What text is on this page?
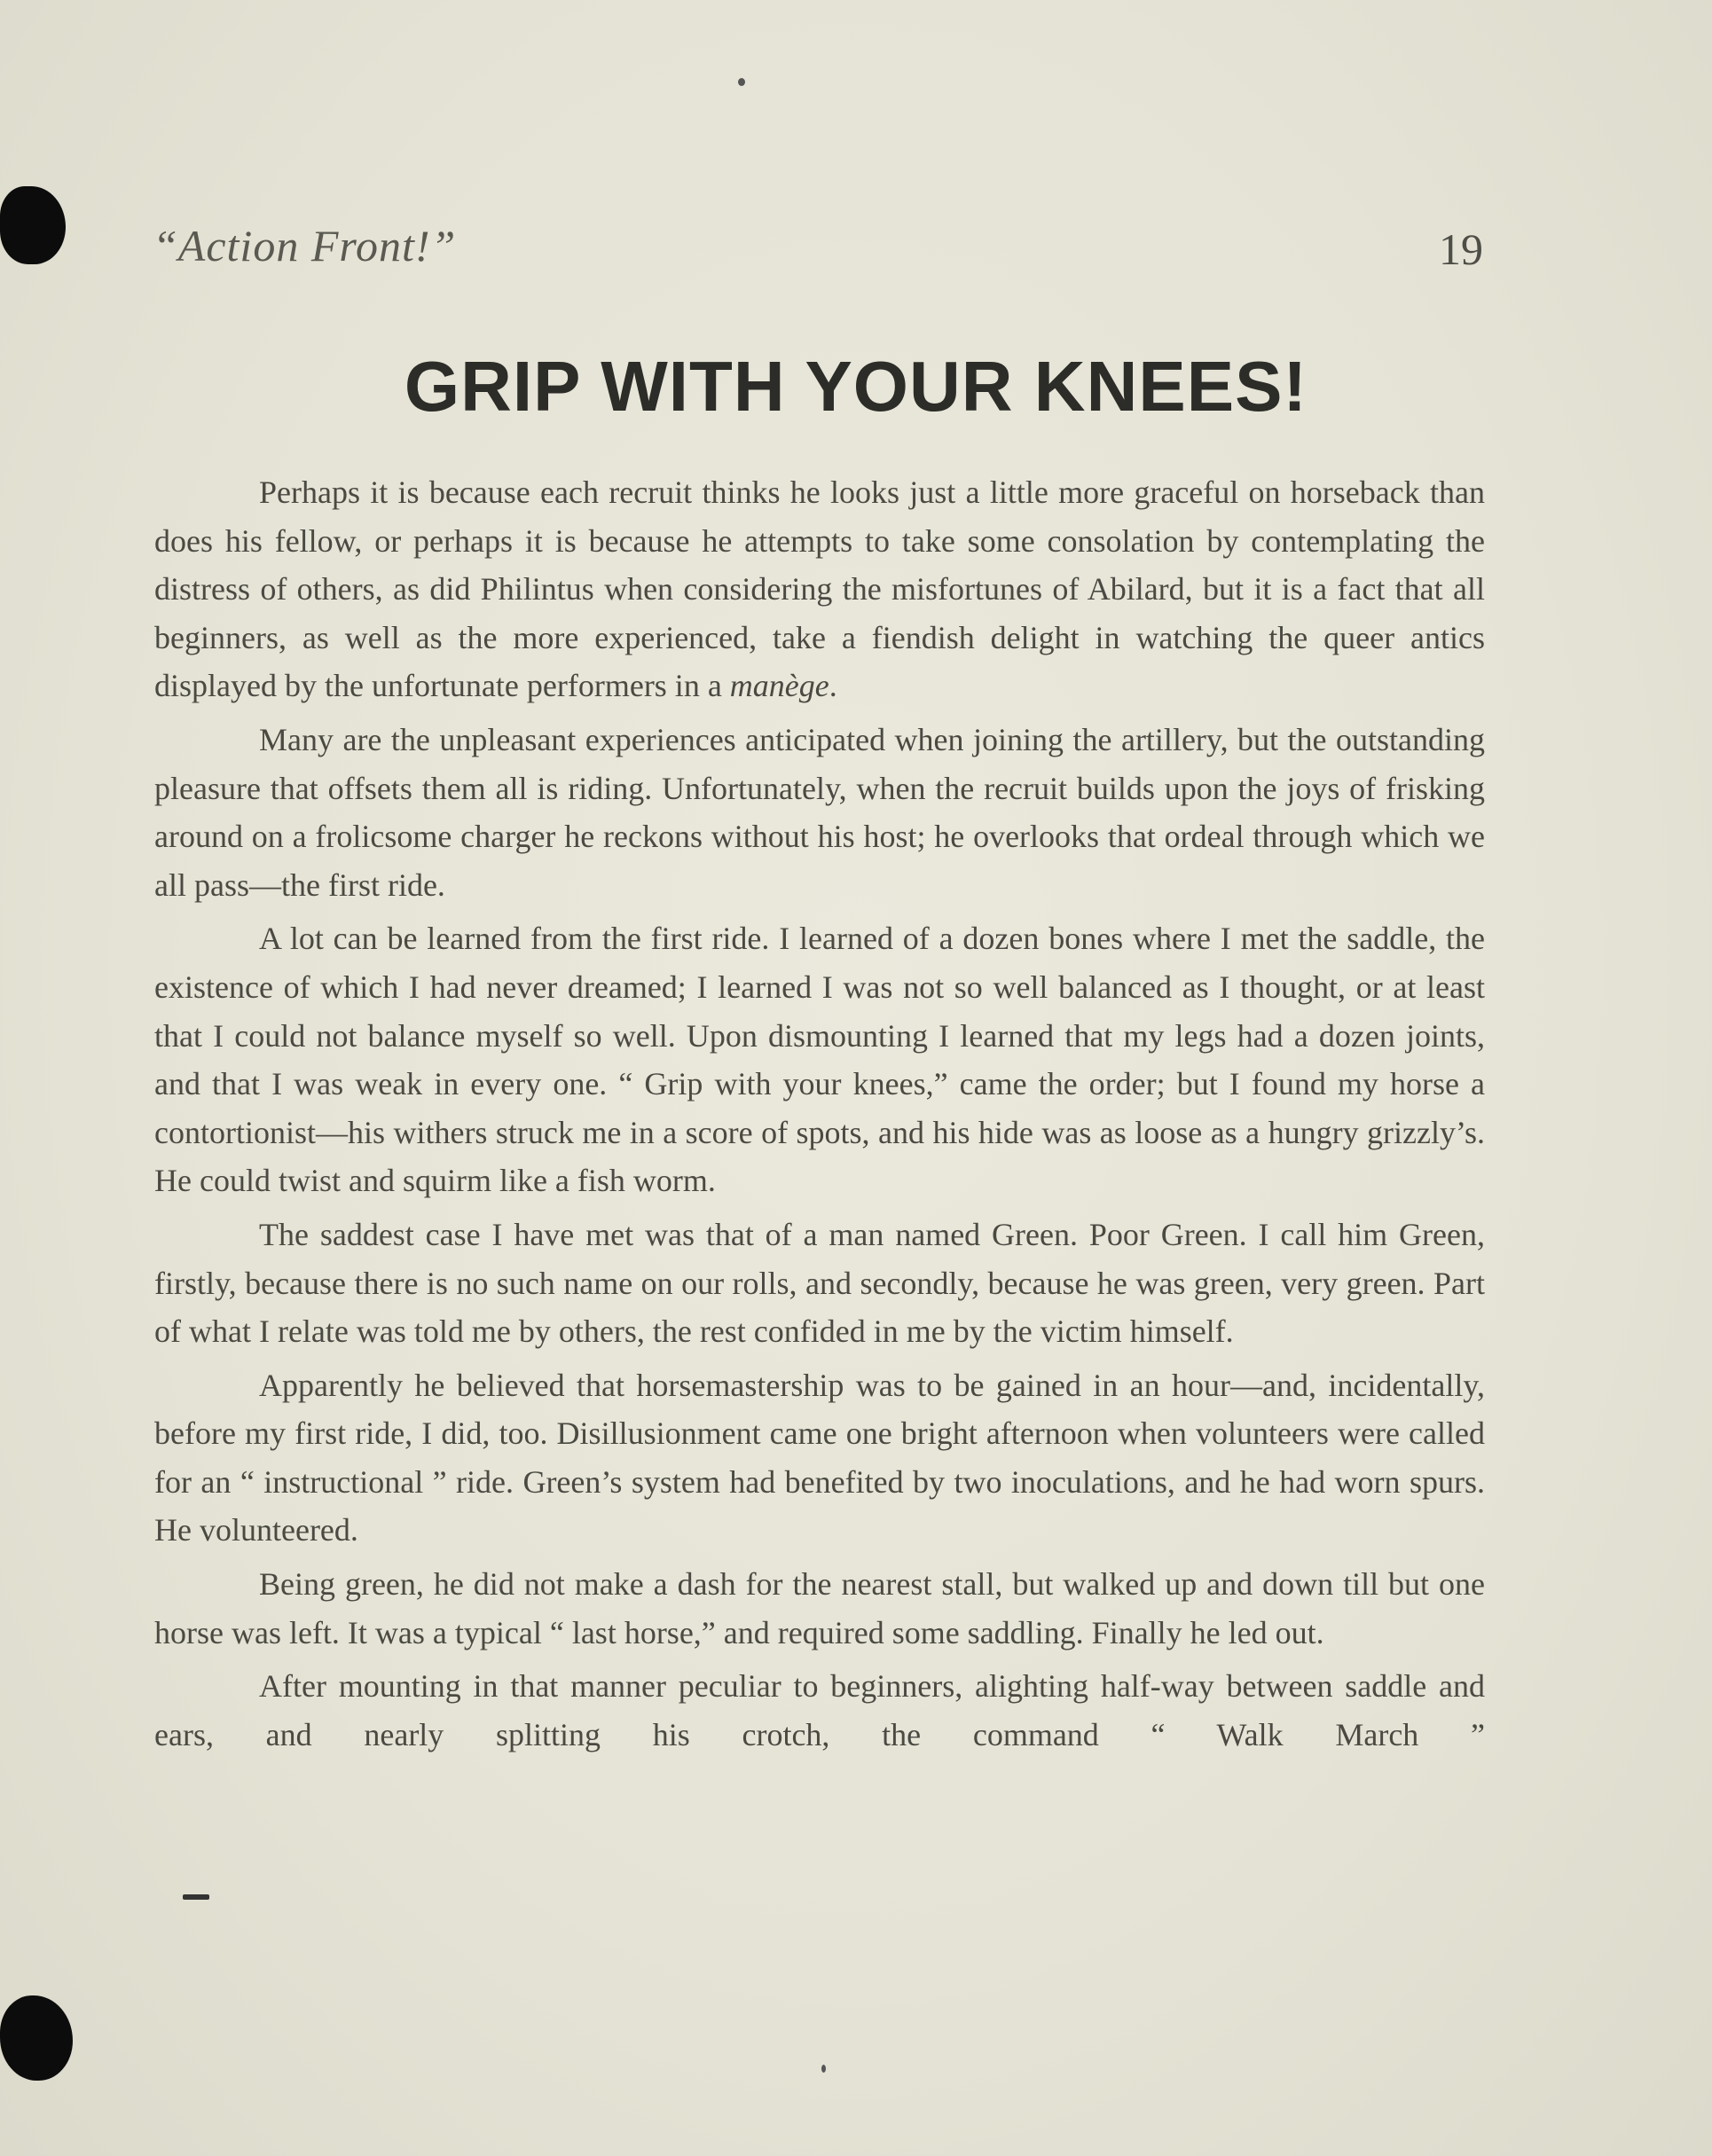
“Action Front!”	19
GRIP WITH YOUR KNEES!

Perhaps it is because each recruit thinks he looks just a little more graceful on horseback than does his fellow, or perhaps it is because he attempts to take some consolation by contemplating the distress of others, as did Philintus when considering the misfortunes of Abilard, but it is a fact that all beginners, as well as the more experienced, take a fiendish delight in watching the queer antics displayed by the unfortunate performers in a manège.

Many are the unpleasant experiences anticipated when joining the artillery, but the outstanding pleasure that offsets them all is riding. Unfortunately, when the recruit builds upon the joys of frisking around on a frolicsome charger he reckons without his host; he overlooks that ordeal through which we all pass—the first ride.

A lot can be learned from the first ride. I learned of a dozen bones where I met the saddle, the existence of which I had never dreamed; I learned I was not so well balanced as I thought, or at least that I could not balance myself so well. Upon dismounting I learned that my legs had a dozen joints, and that I was weak in every one. “ Grip with your knees,” came the order; but I found my horse a contortionist—his withers struck me in a score of spots, and his hide was as loose as a hungry grizzly’s. He could twist and squirm like a fish worm.

The saddest case I have met was that of a man named Green. Poor Green. I call him Green, firstly, because there is no such name on our rolls, and secondly, because he was green, very green. Part of what I relate was told me by others, the rest confided in me by the victim himself.

Apparently he believed that horsemastership was to be gained in an hour—and, incidentally, before my first ride, I did, too. Disillusionment came one bright afternoon when volunteers were called for an “ instructional ” ride. Green’s system had benefited by two inoculations, and he had worn spurs. He volunteered.

Being green, he did not make a dash for the nearest stall, but walked up and down till but one horse was left. It was a typical “ last horse,” and required some saddling. Finally he led out.

After mounting in that manner peculiar to beginners, alighting half-way between saddle and ears, and nearly splitting his crotch, the command “ Walk March ”
